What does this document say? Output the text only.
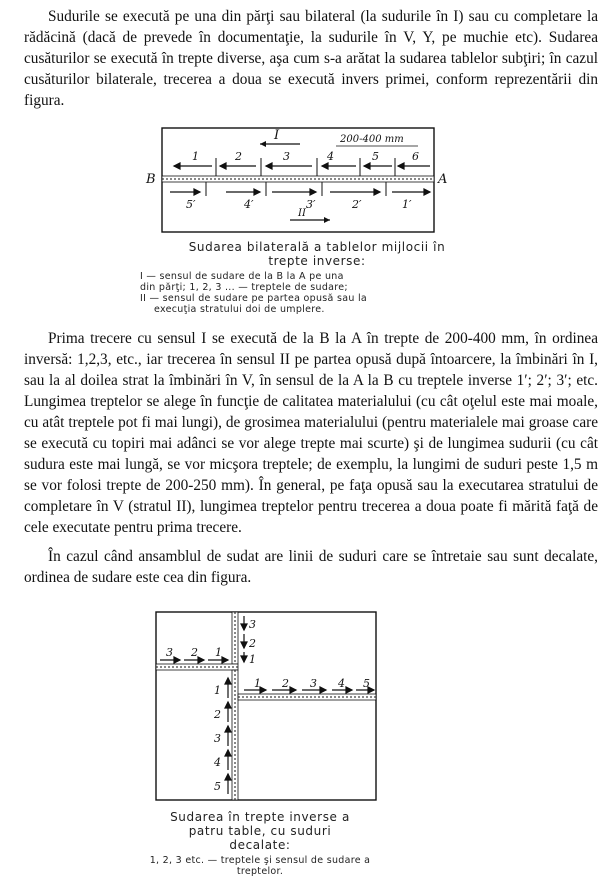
Sudurile se execută pe una din părţi sau bilateral (la sudurile în I) sau cu completare la rădăcină (dacă de prevede în documentaţie, la sudurile în V, Y, pe muchie etc). Sudarea cusăturilor se execută în trepte diverse, aşa cum s-a arătat la sudarea tablelor subţiri; în cazul cusăturilor bilaterale, trecerea a doua se execută invers primei, conform reprezentării din figura.

B	A
I	200-400 mm
II
1	2	3	4	5	6
5′	4′	3′	2′	1′

Sudarea bilaterală a tablelor mijlocii în trepte inverse:

I — sensul de sudare de la B la A pe una

din părţi; 1, 2, 3 ... — treptele de sudare;

II — sensul de sudare pe partea opusă sau la

execuţia stratului doi de umplere.

Prima trecere cu sensul I se execută de la B la A în trepte de 200-400 mm, în ordinea inversă: 1,2,3, etc., iar trecerea în sensul II pe partea opusă după întoarcere, la îmbinări în I, sau la al doilea strat la îmbinări în V, în sensul de la A la B cu treptele inverse 1′; 2′; 3′; etc. Lungimea treptelor se alege în funcţie de calitatea materialului (cu cât oţelul este mai moale, cu atât treptele pot fi mai lungi), de grosimea materialului (pentru materialele mai groase care se execută cu topiri mai adânci se vor alege trepte mai scurte) şi de lungimea sudurii (cu cât sudura este mai lungă, se vor micşora treptele; de exemplu, la lungimi de suduri peste 1,5 m se vor folosi trepte de 200-250 mm). În general, pe faţa opusă sau la executarea stratului de completare în V (stratul II), lungimea treptelor pentru trecerea a doua poate fi mărită faţă de cele executate pentru prima trecere.

În cazul când ansamblul de sudat are linii de suduri care se întretaie sau sunt decalate, ordinea de sudare este cea din figura.

3
2
1
3 2 1
1 2 3 4 5
1
2
3
4
5

Sudarea în trepte inverse a patru table, cu suduri decalate:

1, 2, 3 etc. — treptele şi sensul de sudare a treptelor.
